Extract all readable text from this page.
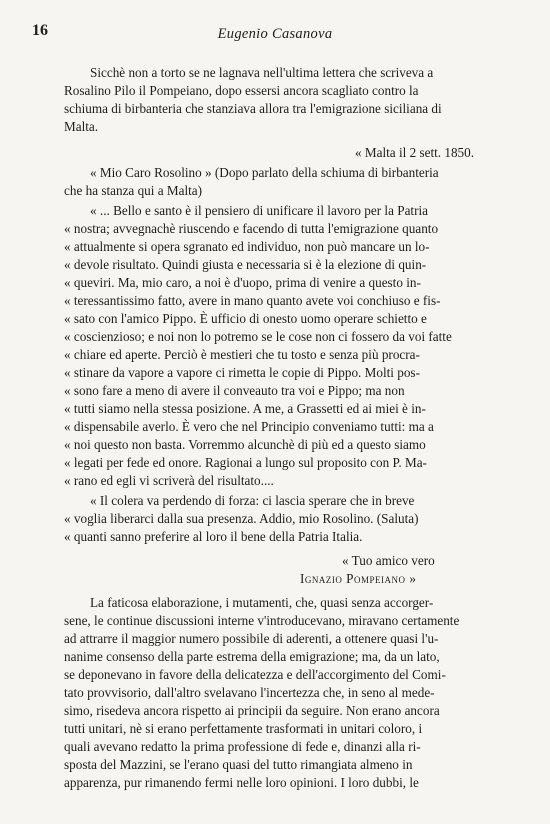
16	Eugenio Casanova
Sicchè non a torto se ne lagnava nell'ultima lettera che scriveva a
Rosalino Pilo il Pompeiano, dopo essersi ancora scagliato contro la
schiuma di birbanteria che stanziava allora tra l'emigrazione siciliana di
Malta.
« Malta il 2 sett. 1850.
« Mio Caro Rosolino » (Dopo parlato della schiuma di birbanteria
che ha stanza qui a Malta)
« ... Bello e santo è il pensiero di unificare il lavoro per la Patria
« nostra; avvegnachè riuscendo e facendo di tutta l'emigrazione quanto
« attualmente si opera sgranato ed individuo, non può mancare un lo-
« devole risultato. Quindi giusta e necessaria si è la elezione di quin-
« queviri. Ma, mio caro, a noi è d'uopo, prima di venire a questo in-
« teressantissimo fatto, avere in mano quanto avete voi conchiuso e fis-
« sato con l'amico Pippo. È ufficio di onesto uomo operare schietto e
« coscienzioso; e noi non lo potremo se le cose non ci fossero da voi fatte
« chiare ed aperte. Perciò è mestieri che tu tosto e senza più procra-
« stinare da vapore a vapore ci rimetta le copie di Pippo. Molti pos-
« sono fare a meno di avere il conveauto tra voi e Pippo; ma non
« tutti siamo nella stessa posizione. A me, a Grassetti ed ai miei è in-
« dispensabile averlo. È vero che nel Principio conveniamo tutti: ma a
« noi questo non basta. Vorremmo alcunchè di più ed a questo siamo
« legati per fede ed onore. Ragionai a lungo sul proposito con P. Ma-
« rano ed egli vi scriverà del risultato....
« Il colera va perdendo di forza: ci lascia sperare che in breve
« voglia liberarci dalla sua presenza. Addio, mio Rosolino. (Saluta)
« quanti sanno preferire al loro il bene della Patria Italia.
« Tuo amico vero
Ignazio Pompeiano »
La faticosa elaborazione, i mutamenti, che, quasi senza accorger-
sene, le continue discussioni interne v'introducevano, miravano certamente
ad attrarre il maggior numero possibile di aderenti, a ottenere quasi l'u-
nanime consenso della parte estrema della emigrazione; ma, da un lato,
se deponevano in favore della delicatezza e dell'accorgimento del Comi-
tato provvisorio, dall'altro svelavano l'incertezza che, in seno al mede-
simo, risedeva ancora rispetto ai principii da seguire. Non erano ancora
tutti unitari, nè si erano perfettamente trasformati in unitari coloro, i
quali avevano redatto la prima professione di fede e, dinanzi alla ri-
sposta del Mazzini, se l'erano quasi del tutto rimangiata almeno in
apparenza, pur rimanendo fermi nelle loro opinioni. I loro dubbi, le
